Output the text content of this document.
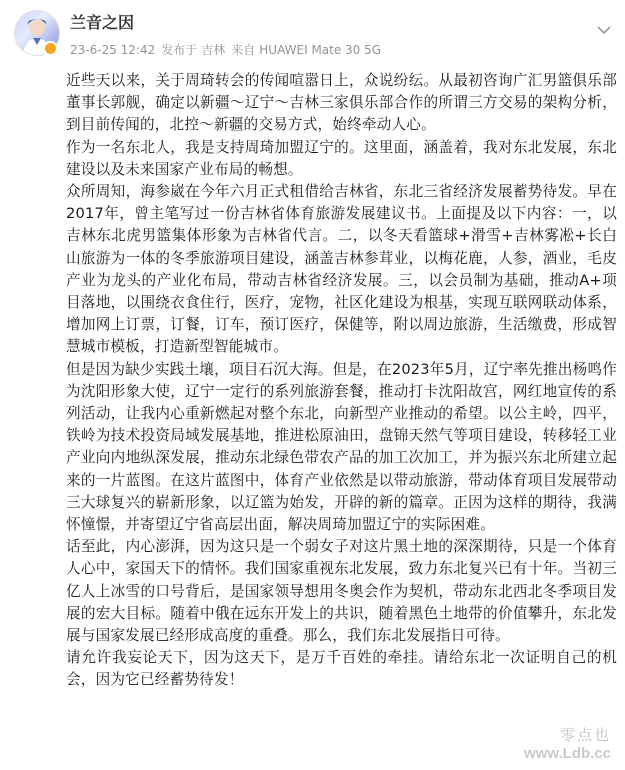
兰音之因
23-6-25 12:42 发布于 吉林 来自 HUAWEI Mate 30 5G

近些天以来，关于周琦转会的传闻喧嚣日上，众说纷纭。从最初咨询广汇男篮俱乐部董事长郭舰，确定以新疆～辽宁～吉林三家俱乐部合作的所谓三方交易的架构分析，到目前传闻的，北控～新疆的交易方式，始终牵动人心。

作为一名东北人，我是支持周琦加盟辽宁的。这里面，涵盖着，我对东北发展，东北建设以及未来国家产业布局的畅想。

众所周知，海参崴在今年六月正式租借给吉林省，东北三省经济发展蓄势待发。早在2017年，曾主笔写过一份吉林省体育旅游发展建议书。上面提及以下内容：一，以吉林东北虎男篮集体形象为吉林省代言。二，以冬天看篮球+滑雪+吉林雾凇+长白山旅游为一体的冬季旅游项目建设，涵盖吉林参茸业，以梅花鹿，人参，酒业，毛皮产业为龙头的产业化布局，带动吉林省经济发展。三，以会员制为基础，推动A+项目落地，以围绕衣食住行，医疗，宠物，社区化建设为根基，实现互联网联动体系，增加网上订票，订餐，订车，预订医疗，保健等，附以周边旅游，生活缴费，形成智慧城市模板，打造新型智能城市。

但是因为缺少实践土壤，项目石沉大海。但是，在2023年5月，辽宁率先推出杨鸣作为沈阳形象大使，辽宁一定行的系列旅游套餐，推动打卡沈阳故宫，网红地宣传的系列活动，让我内心重新燃起对整个东北，向新型产业推动的希望。以公主岭，四平，铁岭为技术投资局域发展基地，推进松原油田，盘锦天然气等项目建设，转移轻工业产业向内地纵深发展，推动东北绿色带农产品的加工次加工，并为振兴东北所建立起来的一片蓝图。在这片蓝图中，体育产业依然是以带动旅游，带动体育项目发展带动三大球复兴的崭新形象，以辽篮为始发，开辟的新的篇章。正因为这样的期待，我满怀憧憬，并寄望辽宁省高层出面，解决周琦加盟辽宁的实际困难。

话至此，内心澎湃，因为这只是一个弱女子对这片黑土地的深深期待，只是一个体育人心中，家国天下的情怀。我们国家重视东北发展，致力东北复兴已有十年。当初三亿人上冰雪的口号背后，是国家领导想用冬奥会作为契机，带动东北西北冬季项目发展的宏大目标。随着中俄在远东开发上的共识，随着黑色土地带的价值攀升，东北发展与国家发展已经形成高度的重叠。那么，我们东北发展指日可待。

请允许我妄论天下，因为这天下，是万千百姓的牵挂。请给东北一次证明自己的机会，因为它已经蓄势待发！

零点也
www.Ldb.cc
